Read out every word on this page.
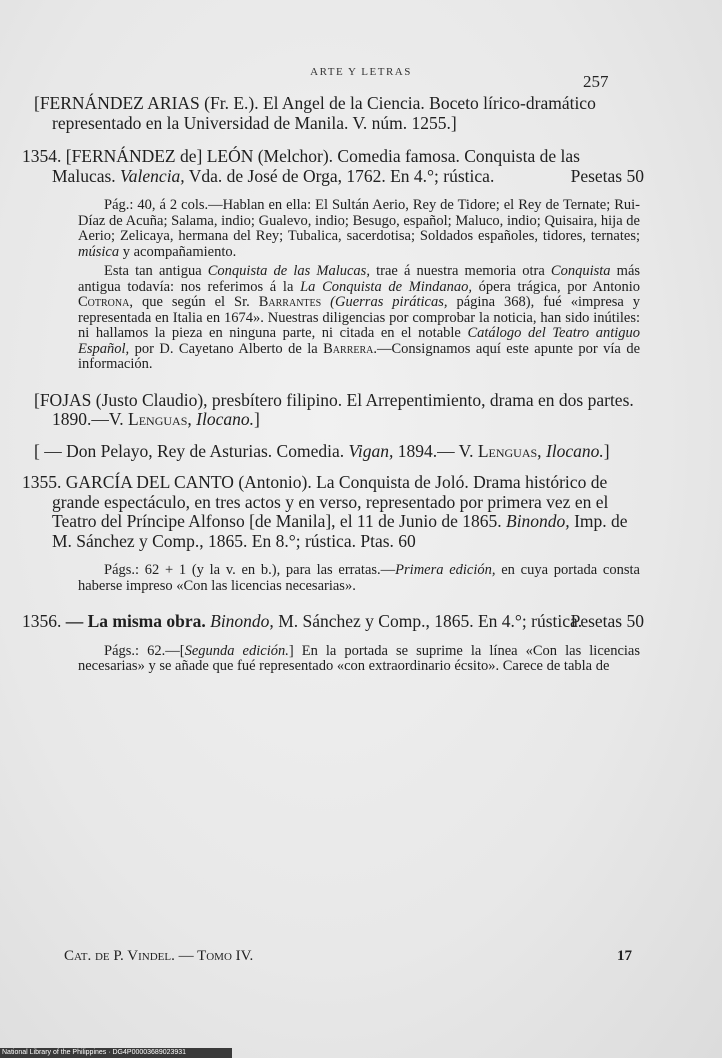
ARTE Y LETRAS	257
[FERNÁNDEZ ARIAS (Fr. E.). El Angel de la Ciencia. Boceto lírico-dramático representado en la Universidad de Manila. V. núm. 1255.]
1354. [FERNÁNDEZ de] LEÓN (Melchor). Comedia famosa. Conquista de las Malucas. Valencia, Vda. de José de Orga, 1762. En 4.°; rústica.	Pesetas 50

Pág.: 40, á 2 cols.—Hablan en ella: El Sultán Aerio, Rey de Tidore; el Rey de Ternate; Rui-Díaz de Acuña; Salama, indio; Gualevo, indio; Besugo, español; Maluco, indio; Quisaira, hija de Aerio; Zelicaya, hermana del Rey; Tubalica, sacerdotisa; Soldados españoles, tidores, ternates; música y acompañamiento.

Esta tan antigua Conquista de las Malucas, trae á nuestra memoria otra Conquista más antigua todavía: nos referimos á la La Conquista de Mindanao, ópera trágica, por Antonio Cotrona, que según el Sr. Barrantes (Guerras piráticas, página 368), fué «impresa y representada en Italia en 1674». Nuestras diligencias por comprobar la noticia, han sido inútiles: ni hallamos la pieza en ninguna parte, ni citada en el notable Catálogo del Teatro antiguo Español, por D. Cayetano Alberto de la Barrera.—Consignamos aquí este apunte por vía de información.

[FOJAS (Justo Claudio), presbítero filipino. El Arrepentimiento, drama en dos partes. 1890.—V. Lenguas, Ilocano.]
[ — Don Pelayo, Rey de Asturias. Comedia. Vigan, 1894.— V. Lenguas, Ilocano.]
1355. GARCÍA DEL CANTO (Antonio). La Conquista de Joló. Drama histórico de grande espectáculo, en tres actos y en verso, representado por primera vez en el Teatro del Príncipe Alfonso [de Manila], el 11 de Junio de 1865. Binondo, Imp. de M. Sánchez y Comp., 1865. En 8.°; rústica. Ptas. 60

Págs.: 62 + 1 (y la v. en b.), para las erratas.—Primera edición, en cuya portada consta haberse impreso «Con las licencias necesarias».

1356. — La misma obra. Binondo, M. Sánchez y Comp., 1865. En 4.°; rústica.
Pesetas 50

Págs.: 62.—[Segunda edición.] En la portada se suprime la línea «Con las licencias necesarias» y se añade que fué representado «con extraordinario écsito». Carece de tabla de

Cat. de P. Vindel. — Tomo IV.	17
National Library of the Philippines · DG4P00003689023931
